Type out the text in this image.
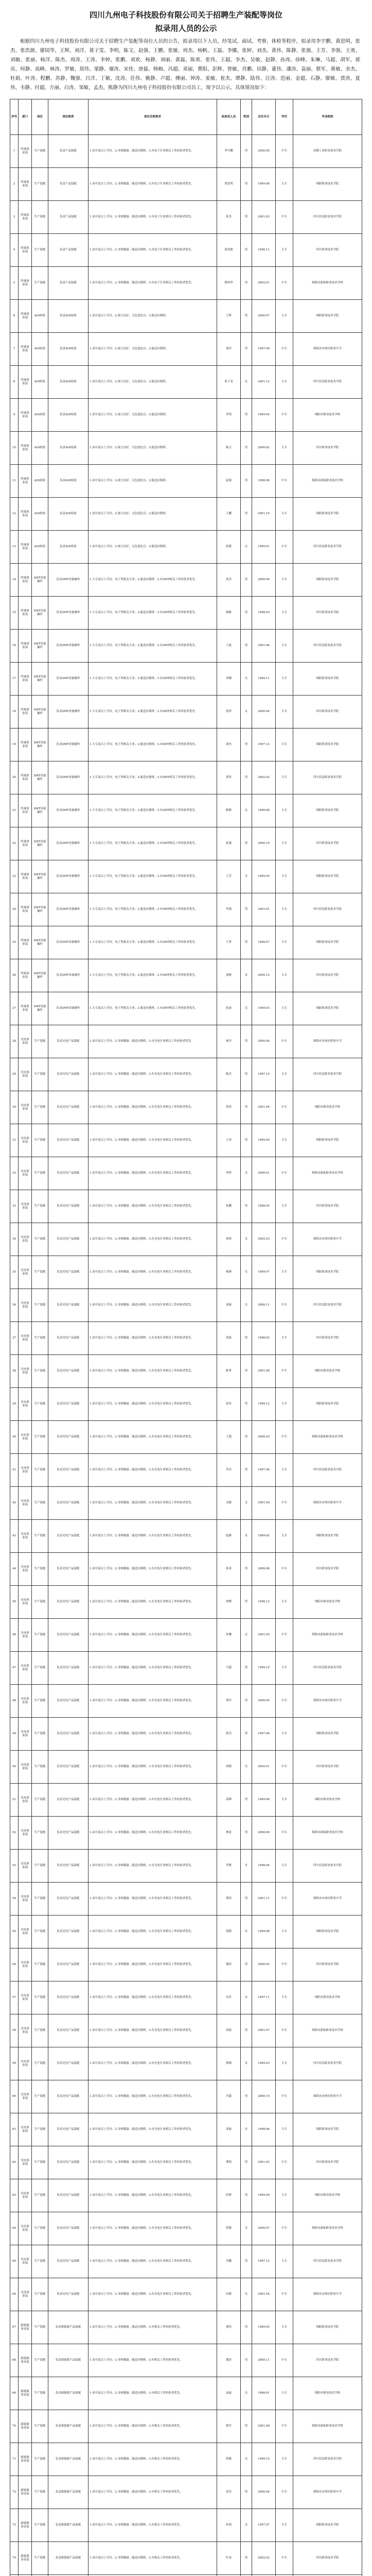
四川九州电子科技股份有限公司关于招聘生产装配等岗位
拟录用人员的公示
根据四川九州电子科技股份有限公司关于招聘生产装配等岗位人员的公告，拟录用以下人员，经笔试、面试、考察、体检等程序，拟录用李宇鹏、黄思明、张杰、张浩源、廖国华、王辉、刘洋、黄子雯、李明、陈文、赵强、王鹏、张敏、周杰、杨帆、王磊、李娜、张婷、刘杰、黄伟、陈静、张强、王芳、李强、王勇、刘敏、张丽、杨洋、陈杰、周涛、王涛、李婷、张鹏、刘欢、杨静、刘丽、黄磊、陈勇、张伟、王超、李杰、吴敏、赵静、孙涛、徐峰、朱琳、马超、胡军、郭亮、何静、高峰、林涛、罗敏、郑伟、梁静、谢涛、宋佳、唐磊、韩梅、冯超、邓丽、曹阳、彭辉、曾敏、肖鹏、田静、董伟、潘涛、袁丽、蔡军、蒋敏、余杰、杜娟、叶涛、程鹏、苏静、魏强、吕洋、丁敏、沈涛、任伟、姚静、卢超、傅丽、钟涛、姜敏、崔杰、谭静、陆伟、汪涛、范丽、金超、石静、廖敏、贾涛、夏伟、韦静、付超、方丽、白涛、邹敏、孟杰、熊静为四川九州电子科技股份有限公司员工，现予以公示，具体情况如下：
序号	部门	岗位	岗位职责	岗位任职要求	拟录用人员	性别	出生年月	学历	毕业院校
1	终端事业部	生产装配	负责产品装配	1.高中及以上学历；2.身体健康，能适应倒班；3.有电子行业相关工作经验者优先。	李宇鹏	男	2000.05	中专	成都工业职业技术学院
2	终端事业部	生产装配	负责产品装配	1.高中及以上学历；2.身体健康，能适应倒班；3.有电子行业相关工作经验者优先。	黄思明	男	1999.08	大专	绵阳职业技术学院
3	终端事业部	生产装配	负责产品装配	1.高中及以上学历；2.身体健康，能适应倒班；3.有电子行业相关工作经验者优先。	张杰	男	2001.03	中专	四川信息职业技术学院
4	终端事业部	生产装配	负责产品装配	1.高中及以上学历；2.身体健康，能适应倒班；3.有电子行业相关工作经验者优先。	张浩源	男	1998.11	大专	四川职业技术学院
5	终端事业部	生产装配	负责产品装配	1.高中及以上学历；2.身体健康，能适应倒班；3.有电子行业相关工作经验者优先。	廖国华	男	2002.01	中专	绵阳市游仙职业技术学校
6	终端事业部	AOI检验	负责AOI检验	1.高中及以上学历；2.视力良好，无色弱色盲；3.能适应倒班。	王辉	男	2000.07	大专	绵阳职业技术学院
7	终端事业部	AOI检验	负责AOI检验	1.高中及以上学历；2.视力良好，无色弱色盲；3.能适应倒班。	刘洋	男	1997.09	中专	绵阳市安州区职业中学
8	终端事业部	AOI检验	负责AOI检验	1.高中及以上学历；2.视力良好，无色弱色盲；3.能适应倒班。	黄子雯	女	2001.12	大专	四川信息职业技术学院
9	终端事业部	AOI检验	负责AOI检验	1.高中及以上学历；2.视力良好，无色弱色盲；3.能适应倒班。	李明	男	1999.04	中专	绵阳市职业技术学校
10	终端事业部	AOI检验	负责AOI检验	1.高中及以上学历；2.视力良好，无色弱色盲；3.能适应倒班。	陈文	男	2000.02	大专	四川职业技术学院
11	终端事业部	AOI检验	负责AOI检验	1.高中及以上学历；2.视力良好，无色弱色盲；3.能适应倒班。	赵强	男	1998.06	中专	绵阳市游仙职业技术学校
12	终端事业部	AOI检验	负责AOI检验	1.高中及以上学历；2.视力良好，无色弱色盲；3.能适应倒班。	王鹏	男	2001.10	大专	绵阳职业技术学院
13	终端事业部	AOI检验	负责AOI检验	1.高中及以上学历；2.视力良好，无色弱色盲；3.能适应倒班。	张敏	女	1999.01	中专	四川信息职业技术学院
14	终端事业部	SMT设备操作	负责SMT设备操作	1.大专及以上学历，电子类相关专业；2.能适应倒班；3.有SMT相关工作经验者优先。	周杰	男	2000.09	大专	绵阳职业技术学院
15	终端事业部	SMT设备操作	负责SMT设备操作	1.大专及以上学历，电子类相关专业；2.能适应倒班；3.有SMT相关工作经验者优先。	杨帆	男	1998.03	大专	四川职业技术学院
16	终端事业部	SMT设备操作	负责SMT设备操作	1.大专及以上学历，电子类相关专业；2.能适应倒班；3.有SMT相关工作经验者优先。	王磊	男	2001.06	大专	四川信息职业技术学院
17	终端事业部	SMT设备操作	负责SMT设备操作	1.大专及以上学历，电子类相关专业；2.能适应倒班；3.有SMT相关工作经验者优先。	李娜	女	1999.11	大专	绵阳职业技术学院
18	终端事业部	SMT设备操作	负责SMT设备操作	1.大专及以上学历，电子类相关专业；2.能适应倒班；3.有SMT相关工作经验者优先。	张婷	女	2000.04	大专	四川职业技术学院
19	终端事业部	SMT设备操作	负责SMT设备操作	1.大专及以上学历，电子类相关专业；2.能适应倒班；3.有SMT相关工作经验者优先。	刘杰	男	1997.12	大专	绵阳职业技术学院
20	终端事业部	SMT设备操作	负责SMT设备操作	1.大专及以上学历，电子类相关专业；2.能适应倒班；3.有SMT相关工作经验者优先。	黄伟	男	2002.02	大专	四川信息职业技术学院
21	终端事业部	SMT设备操作	负责SMT设备操作	1.大专及以上学历，电子类相关专业；2.能适应倒班；3.有SMT相关工作经验者优先。	陈静	女	1998.08	大专	绵阳职业技术学院
22	终端事业部	SMT设备操作	负责SMT设备操作	1.大专及以上学历，电子类相关专业；2.能适应倒班；3.有SMT相关工作经验者优先。	张强	男	2000.10	大专	四川职业技术学院
23	终端事业部	SMT设备操作	负责SMT设备操作	1.大专及以上学历，电子类相关专业；2.能适应倒班；3.有SMT相关工作经验者优先。	王芳	女	1999.05	大专	绵阳职业技术学院
24	终端事业部	SMT设备操作	负责SMT设备操作	1.大专及以上学历，电子类相关专业；2.能适应倒班；3.有SMT相关工作经验者优先。	李强	男	2001.01	大专	四川信息职业技术学院
25	终端事业部	SMT设备操作	负责SMT设备操作	1.大专及以上学历，电子类相关专业；2.能适应倒班；3.有SMT相关工作经验者优先。	王勇	男	1998.07	大专	绵阳职业技术学院
26	终端事业部	SMT设备操作	负责SMT设备操作	1.大专及以上学历，电子类相关专业；2.能适应倒班；3.有SMT相关工作经验者优先。	刘敏	女	2000.12	大专	四川职业技术学院
27	终端事业部	SMT设备操作	负责SMT设备操作	1.大专及以上学历，电子类相关专业；2.能适应倒班；3.有SMT相关工作经验者优先。	张丽	女	1999.03	大专	绵阳职业技术学院
28	光电事业部	生产装配	负责光电产品装配	1.高中及以上学历；2.身体健康，能适应倒班；3.有光电行业相关工作经验者优先。	杨洋	男	2000.06	中专	绵阳市安州区职业中学
29	光电事业部	生产装配	负责光电产品装配	1.高中及以上学历；2.身体健康，能适应倒班；3.有光电行业相关工作经验者优先。	陈杰	男	1997.10	大专	四川信息职业技术学院
30	光电事业部	生产装配	负责光电产品装配	1.高中及以上学历；2.身体健康，能适应倒班；3.有光电行业相关工作经验者优先。	周涛	男	2001.04	中专	绵阳市职业技术学校
31	光电事业部	生产装配	负责光电产品装配	1.高中及以上学历；2.身体健康，能适应倒班；3.有光电行业相关工作经验者优先。	王涛	男	1999.09	大专	绵阳职业技术学院
32	光电事业部	生产装配	负责光电产品装配	1.高中及以上学历；2.身体健康，能适应倒班；3.有光电行业相关工作经验者优先。	李婷	女	2000.01	中专	绵阳市游仙职业技术学校
33	光电事业部	生产装配	负责光电产品装配	1.高中及以上学历；2.身体健康，能适应倒班；3.有光电行业相关工作经验者优先。	张鹏	男	1998.05	大专	四川职业技术学院
34	光电事业部	生产装配	负责光电产品装配	1.高中及以上学历；2.身体健康，能适应倒班；3.有光电行业相关工作经验者优先。	刘欢	女	2002.03	中专	绵阳市安州区职业中学
35	光电事业部	生产装配	负责光电产品装配	1.高中及以上学历；2.身体健康，能适应倒班；3.有光电行业相关工作经验者优先。	杨静	女	1999.07	大专	绵阳职业技术学院
36	光电事业部	生产装配	负责光电产品装配	1.高中及以上学历；2.身体健康，能适应倒班；3.有光电行业相关工作经验者优先。	刘丽	女	2000.11	中专	四川信息职业技术学院
37	光电事业部	生产装配	负责光电产品装配	1.高中及以上学历；2.身体健康，能适应倒班；3.有光电行业相关工作经验者优先。	黄磊	男	1998.02	大专	四川职业技术学院
38	光电事业部	生产装配	负责光电产品装配	1.高中及以上学历；2.身体健康，能适应倒班；3.有光电行业相关工作经验者优先。	陈勇	男	2001.08	中专	绵阳市职业技术学校
39	光电事业部	生产装配	负责光电产品装配	1.高中及以上学历；2.身体健康，能适应倒班；3.有光电行业相关工作经验者优先。	张伟	男	1999.12	大专	绵阳职业技术学院
40	光电事业部	生产装配	负责光电产品装配	1.高中及以上学历；2.身体健康，能适应倒班；3.有光电行业相关工作经验者优先。	王超	男	2000.03	中专	绵阳市游仙职业技术学校
41	光电事业部	生产装配	负责光电产品装配	1.高中及以上学历；2.身体健康，能适应倒班；3.有光电行业相关工作经验者优先。	李杰	男	1997.06	大专	四川信息职业技术学院
42	光电事业部	生产装配	负责光电产品装配	1.高中及以上学历；2.身体健康，能适应倒班；3.有光电行业相关工作经验者优先。	吴敏	女	2001.09	中专	绵阳市安州区职业中学
43	光电事业部	生产装配	负责光电产品装配	1.高中及以上学历；2.身体健康，能适应倒班；3.有光电行业相关工作经验者优先。	赵静	女	1999.02	大专	绵阳职业技术学院
44	光电事业部	生产装配	负责光电产品装配	1.高中及以上学历；2.身体健康，能适应倒班；3.有光电行业相关工作经验者优先。	孙涛	男	2000.08	中专	四川职业技术学院
45	光电事业部	生产装配	负责光电产品装配	1.高中及以上学历；2.身体健康，能适应倒班；3.有光电行业相关工作经验者优先。	徐峰	男	1998.12	大专	绵阳市职业技术学校
46	光电事业部	生产装配	负责光电产品装配	1.高中及以上学历；2.身体健康，能适应倒班；3.有光电行业相关工作经验者优先。	朱琳	女	2001.05	中专	绵阳市游仙职业技术学校
47	光电事业部	生产装配	负责光电产品装配	1.高中及以上学历；2.身体健康，能适应倒班；3.有光电行业相关工作经验者优先。	马超	男	1999.10	大专	四川信息职业技术学院
48	光电事业部	生产装配	负责光电产品装配	1.高中及以上学历；2.身体健康，能适应倒班；3.有光电行业相关工作经验者优先。	胡军	男	2000.05	中专	绵阳市安州区职业中学
49	光电事业部	生产装配	负责光电产品装配	1.高中及以上学历；2.身体健康，能适应倒班；3.有光电行业相关工作经验者优先。	郭亮	男	1997.08	大专	绵阳职业技术学院
50	光电事业部	生产装配	负责光电产品装配	1.高中及以上学历；2.身体健康，能适应倒班；3.有光电行业相关工作经验者优先。	何静	女	2002.01	中专	四川职业技术学院
51	光电事业部	生产装配	负责光电产品装配	1.高中及以上学历；2.身体健康，能适应倒班；3.有光电行业相关工作经验者优先。	高峰	男	1999.06	大专	绵阳市职业技术学校
52	光电事业部	生产装配	负责光电产品装配	1.高中及以上学历；2.身体健康，能适应倒班；3.有光电行业相关工作经验者优先。	林涛	男	2000.09	中专	绵阳市游仙职业技术学校
53	光电事业部	生产装配	负责光电产品装配	1.高中及以上学历；2.身体健康，能适应倒班；3.有光电行业相关工作经验者优先。	罗敏	女	1998.04	大专	四川信息职业技术学院
54	光电事业部	生产装配	负责光电产品装配	1.高中及以上学历；2.身体健康，能适应倒班；3.有光电行业相关工作经验者优先。	郑伟	男	2001.11	中专	绵阳市安州区职业中学
55	光电事业部	生产装配	负责光电产品装配	1.高中及以上学历；2.身体健康，能适应倒班；3.有光电行业相关工作经验者优先。	梁静	女	1999.08	大专	绵阳职业技术学院
56	光电事业部	生产装配	负责光电产品装配	1.高中及以上学历；2.身体健康，能适应倒班；3.有光电行业相关工作经验者优先。	谢涛	男	2000.02	中专	四川职业技术学院
57	光电事业部	生产装配	负责光电产品装配	1.高中及以上学历；2.身体健康，能适应倒班；3.有光电行业相关工作经验者优先。	宋佳	女	1997.11	大专	绵阳市职业技术学校
58	光电事业部	生产装配	负责光电产品装配	1.高中及以上学历；2.身体健康，能适应倒班；3.有光电行业相关工作经验者优先。	唐磊	男	2001.07	中专	绵阳市游仙职业技术学校
59	光电事业部	生产装配	负责光电产品装配	1.高中及以上学历；2.身体健康，能适应倒班；3.有光电行业相关工作经验者优先。	韩梅	女	1999.03	大专	四川信息职业技术学院
60	光电事业部	生产装配	负责光电产品装配	1.高中及以上学历；2.身体健康，能适应倒班；3.有光电行业相关工作经验者优先。	冯超	男	2000.10	中专	绵阳市安州区职业中学
61	光电事业部	生产装配	负责光电产品装配	1.高中及以上学历；2.身体健康，能适应倒班；3.有光电行业相关工作经验者优先。	邓丽	女	1998.06	大专	绵阳职业技术学院
62	光电事业部	生产装配	负责光电产品装配	1.高中及以上学历；2.身体健康，能适应倒班；3.有光电行业相关工作经验者优先。	曹阳	男	2001.02	中专	四川职业技术学院
63	光电事业部	生产装配	负责光电产品装配	1.高中及以上学历；2.身体健康，能适应倒班；3.有光电行业相关工作经验者优先。	彭辉	男	1999.09	大专	绵阳市职业技术学校
64	光电事业部	生产装配	负责光电产品装配	1.高中及以上学历；2.身体健康，能适应倒班；3.有光电行业相关工作经验者优先。	曾敏	女	2000.07	中专	绵阳市游仙职业技术学校
65	光电事业部	生产装配	负责光电产品装配	1.高中及以上学历；2.身体健康，能适应倒班；3.有光电行业相关工作经验者优先。	肖鹏	男	1997.12	大专	四川信息职业技术学院
66	光电事业部	生产装配	负责光电产品装配	1.高中及以上学历；2.身体健康，能适应倒班；3.有光电行业相关工作经验者优先。	田静	女	2001.04	中专	绵阳市安州区职业中学
67	新能源事业部	生产装配	负责新能源产品装配	1.高中及以上学历；2.身体健康，能适应倒班；3.有相关工作经验者优先。	董伟	男	1999.05	大专	绵阳职业技术学院
68	新能源事业部	生产装配	负责新能源产品装配	1.高中及以上学历；2.身体健康，能适应倒班；3.有相关工作经验者优先。	潘涛	男	2000.11	中专	四川职业技术学院
69	新能源事业部	生产装配	负责新能源产品装配	1.高中及以上学历；2.身体健康，能适应倒班；3.有相关工作经验者优先。	袁丽	女	1998.01	大专	绵阳市职业技术学校
70	新能源事业部	生产装配	负责新能源产品装配	1.高中及以上学历；2.身体健康，能适应倒班；3.有相关工作经验者优先。	蔡军	男	2001.06	中专	绵阳市游仙职业技术学校
71	新能源事业部	生产装配	负责新能源产品装配	1.高中及以上学历；2.身体健康，能适应倒班；3.有相关工作经验者优先。	蒋敏	女	1999.10	大专	四川信息职业技术学院
72	新能源事业部	生产装配	负责新能源产品装配	1.高中及以上学历；2.身体健康，能适应倒班；3.有相关工作经验者优先。	余杰	男	2000.04	中专	绵阳市安州区职业中学
73	新能源事业部	生产装配	负责新能源产品装配	1.高中及以上学历；2.身体健康，能适应倒班；3.有相关工作经验者优先。	杜娟	女	1997.07	大专	绵阳职业技术学院
74	新能源事业部	生产装配	负责新能源产品装配	1.高中及以上学历；2.身体健康，能适应倒班；3.有相关工作经验者优先。	叶涛	男	2002.02	中专	四川职业技术学院
